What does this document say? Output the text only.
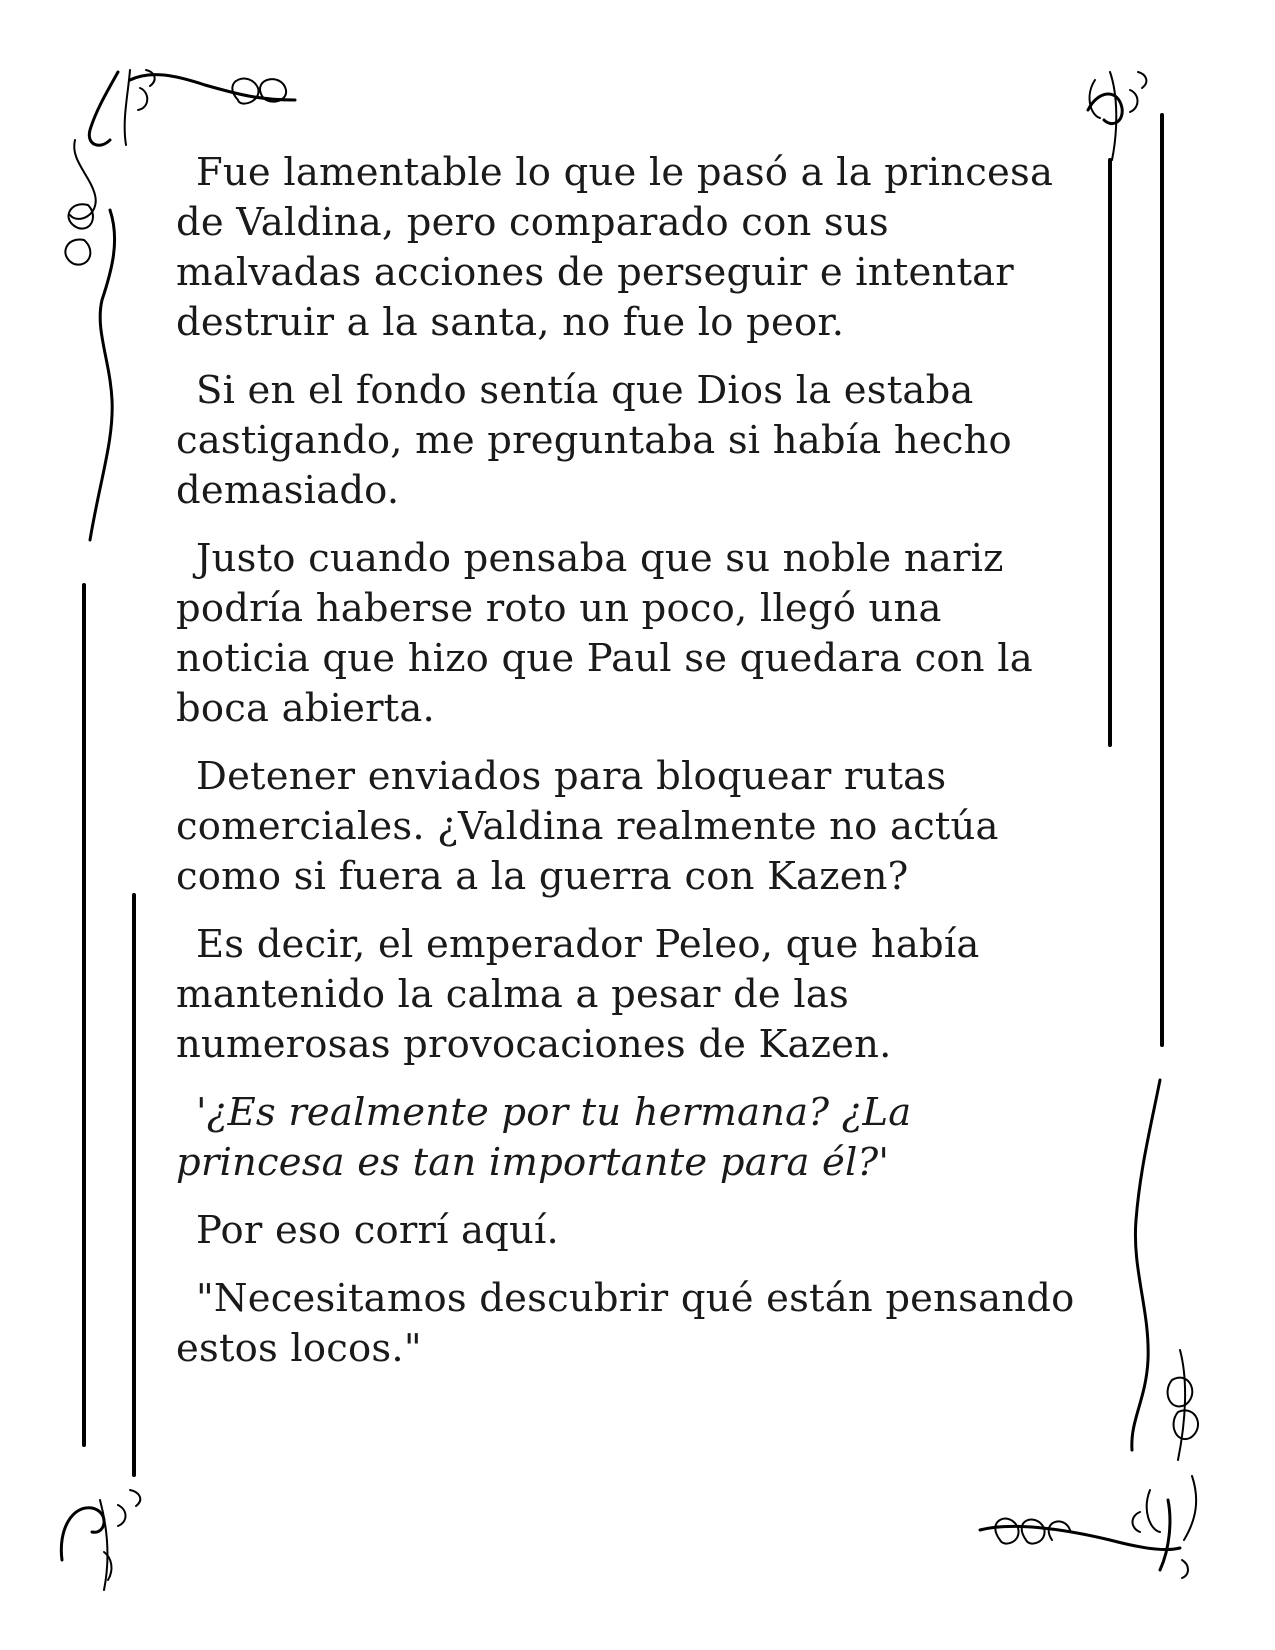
Fue lamentable lo que le pasó a la princesa de Valdina, pero comparado con sus malvadas acciones de perseguir e intentar destruir a la santa, no fue lo peor.

Si en el fondo sentía que Dios la estaba castigando, me preguntaba si había hecho demasiado.

Justo cuando pensaba que su noble nariz podría haberse roto un poco, llegó una noticia que hizo que Paul se quedara con la boca abierta.

Detener enviados para bloquear rutas comerciales. ¿Valdina realmente no actúa como si fuera a la guerra con Kazen?

Es decir, el emperador Peleo, que había mantenido la calma a pesar de las numerosas provocaciones de Kazen.

'¿Es realmente por tu hermana? ¿La princesa es tan importante para él?'

Por eso corrí aquí.

"Necesitamos descubrir qué están pensando estos locos."
